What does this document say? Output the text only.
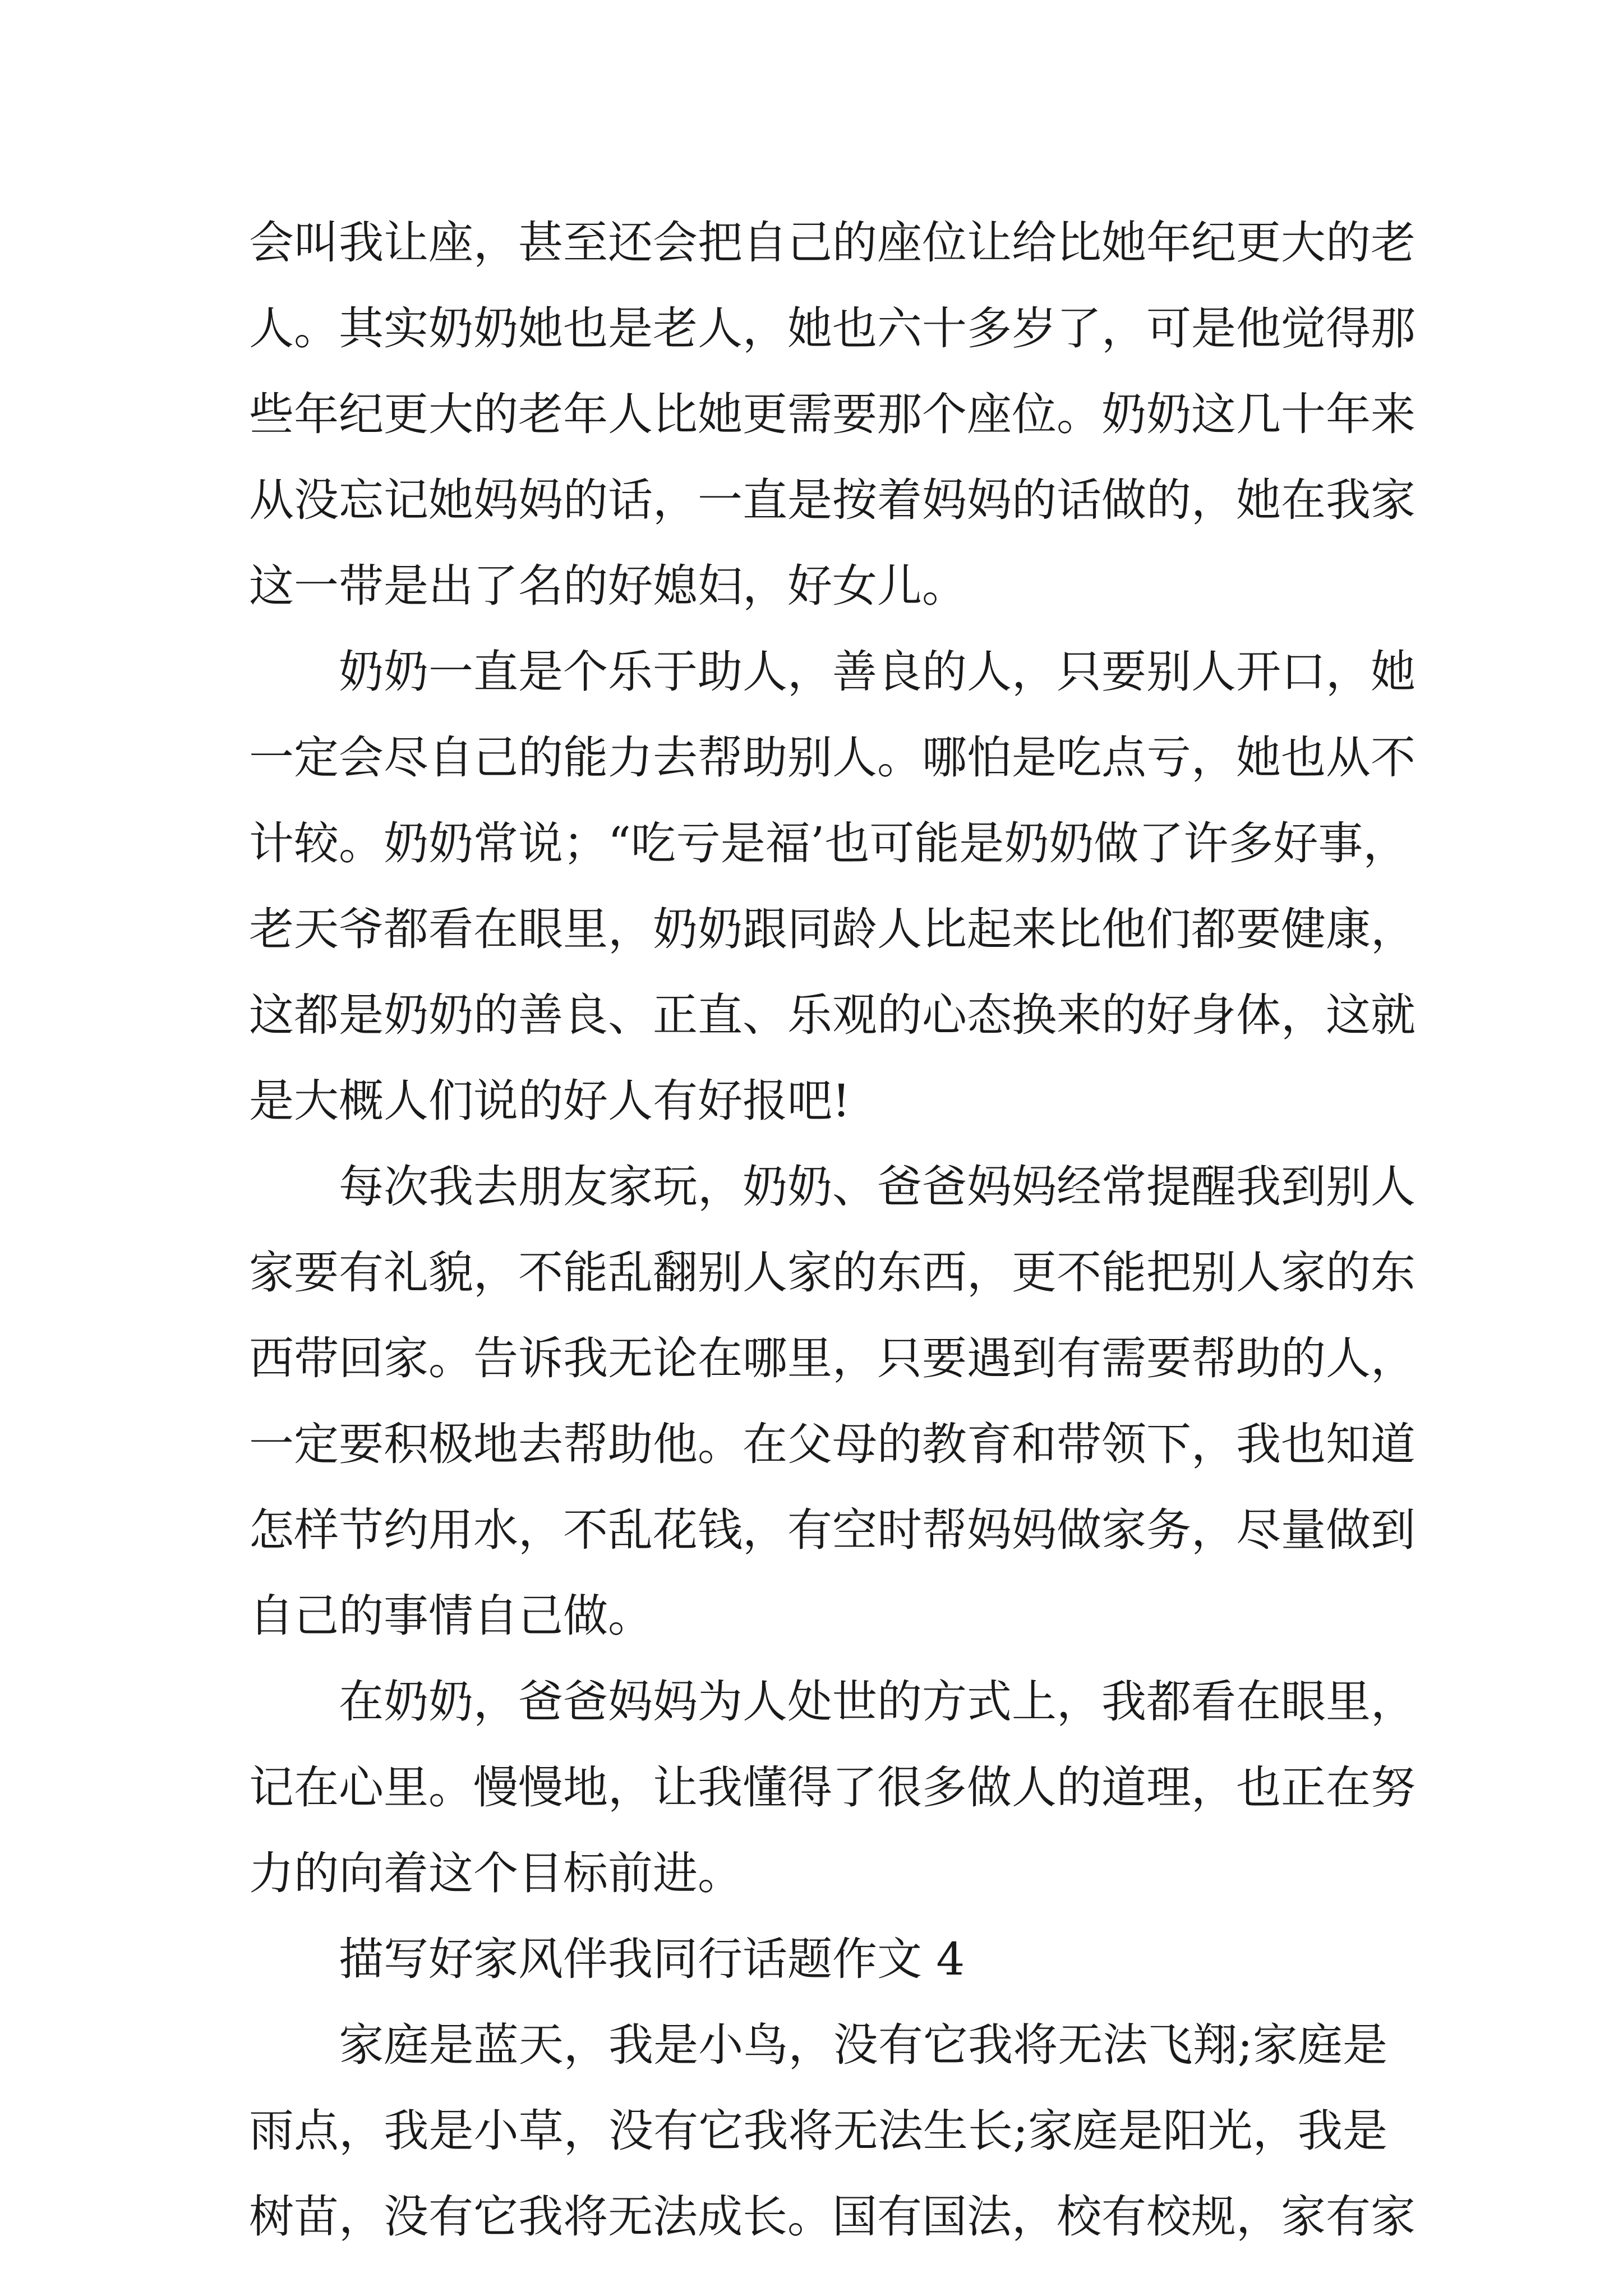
会叫我让座，甚至还会把自己的座位让给比她年纪更大的老
人。其实奶奶她也是老人，她也六十多岁了，可是他觉得那
些年纪更大的老年人比她更需要那个座位。奶奶这几十年来
从没忘记她妈妈的话，一直是按着妈妈的话做的，她在我家
这一带是出了名的好媳妇，好女儿。
　　奶奶一直是个乐于助人，善良的人，只要别人开口，她
一定会尽自己的能力去帮助别人。哪怕是吃点亏，她也从不
计较。奶奶常说；“吃亏是福’也可能是奶奶做了许多好事，
老天爷都看在眼里，奶奶跟同龄人比起来比他们都要健康，
这都是奶奶的善良、正直、乐观的心态换来的好身体，这就
是大概人们说的好人有好报吧!
　　每次我去朋友家玩，奶奶、爸爸妈妈经常提醒我到别人
家要有礼貌，不能乱翻别人家的东西，更不能把别人家的东
西带回家。告诉我无论在哪里，只要遇到有需要帮助的人，
一定要积极地去帮助他。在父母的教育和带领下，我也知道
怎样节约用水，不乱花钱，有空时帮妈妈做家务，尽量做到
自己的事情自己做。
　　在奶奶，爸爸妈妈为人处世的方式上，我都看在眼里，
记在心里。慢慢地，让我懂得了很多做人的道理，也正在努
力的向着这个目标前进。
　　描写好家风伴我同行话题作文 4
　　家庭是蓝天，我是小鸟，没有它我将无法飞翔;家庭是
雨点，我是小草，没有它我将无法生长;家庭是阳光，我是
树苗，没有它我将无法成长。国有国法，校有校规，家有家
